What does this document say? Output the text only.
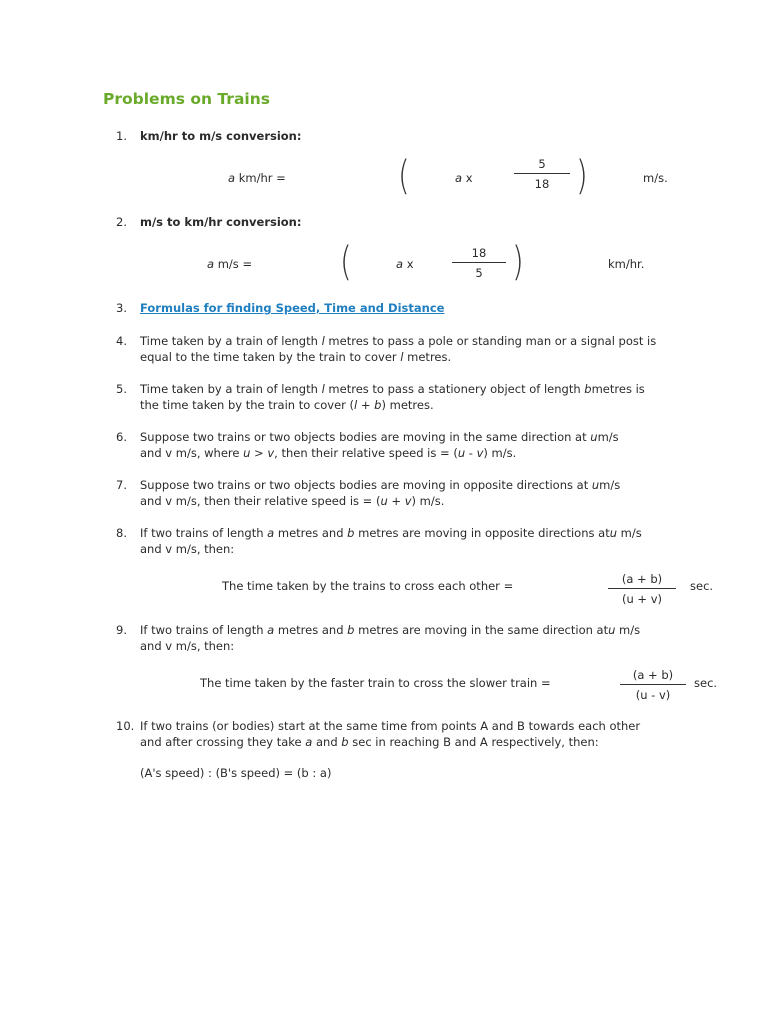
Problems on Trains
1.	km/hr to m/s conversion:
a km/hr =	(	a x
5
18 )	m/s.
2.	m/s to km/hr conversion:
a m/s = (	a x
18
5 )	km/hr.
3.	Formulas for finding Speed, Time and Distance
4.	Time taken by a train of length l metres to pass a pole or standing man or a signal post is
equal to the time taken by the train to cover l metres.
5.	Time taken by a train of length l metres to pass a stationery object of length bmetres is
the time taken by the train to cover (l + b) metres.
6.	Suppose two trains or two objects bodies are moving in the same direction at um/s
and v m/s, where u > v, then their relative speed is = (u - v) m/s.
7.	Suppose two trains or two objects bodies are moving in opposite directions at um/s
and v m/s, then their relative speed is = (u + v) m/s.
8.	If two trains of length a metres and b metres are moving in opposite directions atu m/s
and v m/s, then:
The time taken by the trains to cross each other =	(a + b)
(u + v)
sec.
9.	If two trains of length a metres and b metres are moving in the same direction atu m/s
and v m/s, then:
The time taken by the faster train to cross the slower train =
(a + b)
(u - v)
sec.
10. If two trains (or bodies) start at the same time from points A and B towards each other
and after crossing they take a and b sec in reaching B and A respectively, then:
(A's speed) : (B's speed) = (b : a)
